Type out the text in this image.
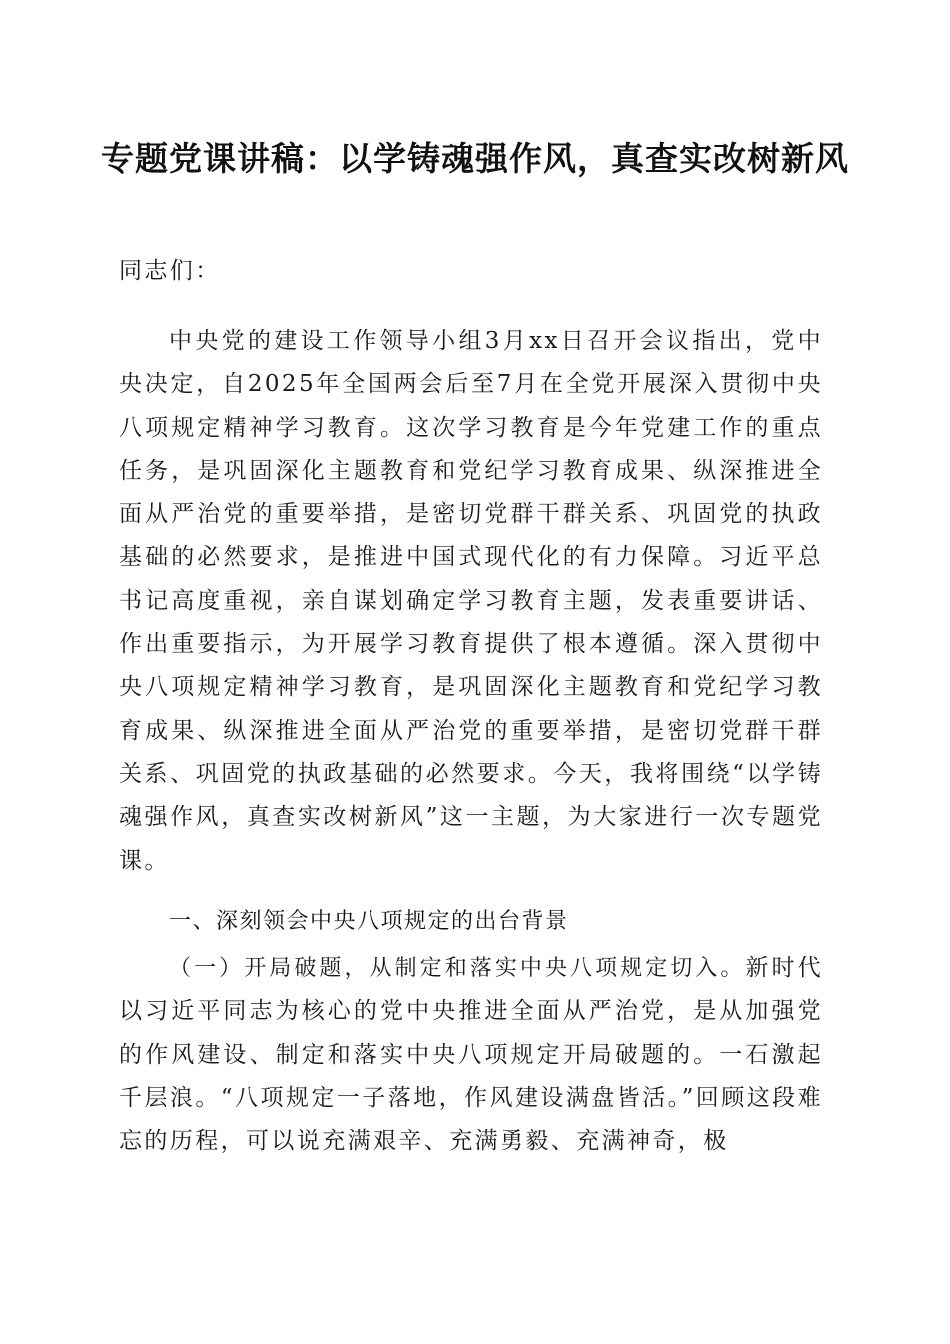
专题党课讲稿：以学铸魂强作风，真查实改树新风
同志们：
中央党的建设工作领导小组3月xx日召开会议指出，党中央决定，自2025年全国两会后至7月在全党开展深入贯彻中央八项规定精神学习教育。这次学习教育是今年党建工作的重点任务，是巩固深化主题教育和党纪学习教育成果、纵深推进全面从严治党的重要举措，是密切党群干群关系、巩固党的执政基础的必然要求，是推进中国式现代化的有力保障。习近平总书记高度重视，亲自谋划确定学习教育主题，发表重要讲话、作出重要指示，为开展学习教育提供了根本遵循。深入贯彻中央八项规定精神学习教育，是巩固深化主题教育和党纪学习教育成果、纵深推进全面从严治党的重要举措，是密切党群干群关系、巩固党的执政基础的必然要求。今天，我将围绕“以学铸魂强作风，真查实改树新风”这一主题，为大家进行一次专题党课。
一、深刻领会中央八项规定的出台背景
（一）开局破题，从制定和落实中央八项规定切入。新时代以习近平同志为核心的党中央推进全面从严治党，是从加强党的作风建设、制定和落实中央八项规定开局破题的。一石激起千层浪。“八项规定一子落地，作风建设满盘皆活。”回顾这段难忘的历程，可以说充满艰辛、充满勇毅、充满神奇，极
